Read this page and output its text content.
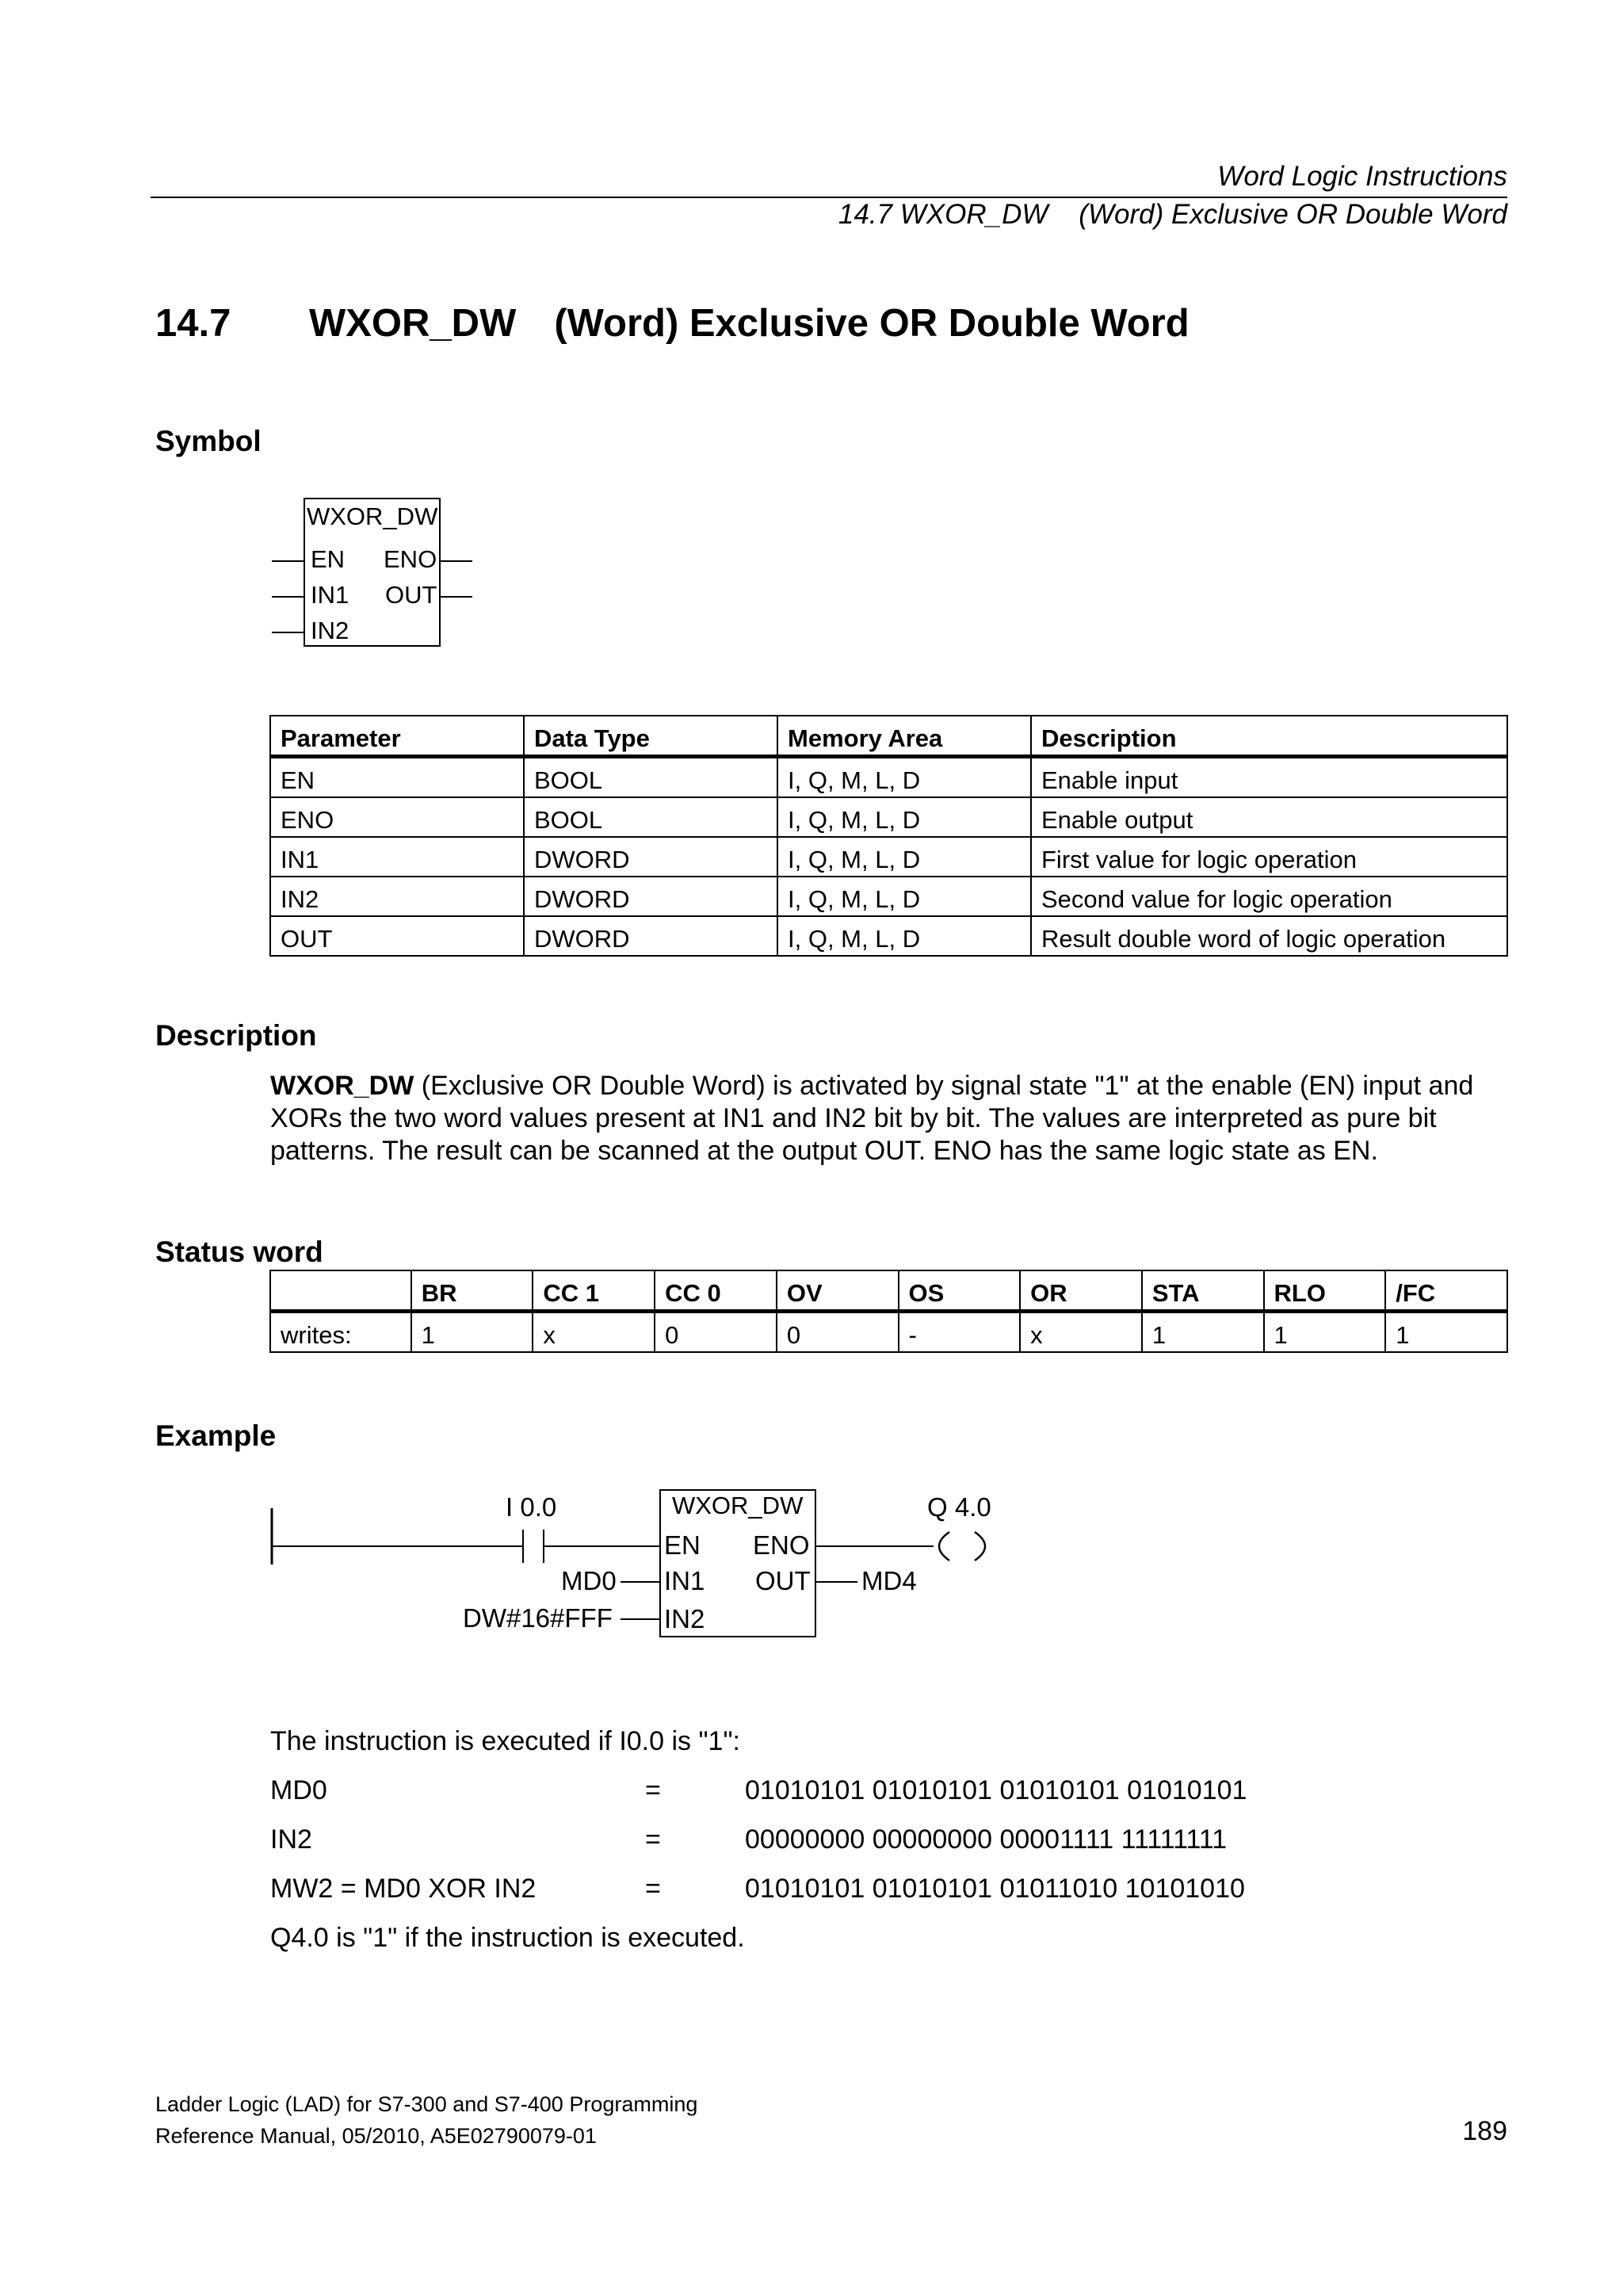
Word Logic Instructions
14.7 WXOR_DW    (Word) Exclusive OR Double Word
14.7 WXOR_DW (Word) Exclusive OR Double Word
Symbol
WXOR_DW
EN ENO
IN1 OUT
IN2
Parameter	Data Type	Memory Area	Description
EN	BOOL	I, Q, M, L, D	Enable input
ENO	BOOL	I, Q, M, L, D	Enable output
IN1	DWORD	I, Q, M, L, D	First value for logic operation
IN2	DWORD	I, Q, M, L, D	Second value for logic operation
OUT	DWORD	I, Q, M, L, D	Result double word of logic operation
Description
WXOR_DW (Exclusive OR Double Word) is activated by signal state "1" at the enable (EN) input and XORs the two word values present at IN1 and IN2 bit by bit. The values are interpreted as pure bit patterns. The result can be scanned at the output OUT. ENO has the same logic state as EN.
Status word
	BR	CC 1	CC 0	OV	OS	OR	STA	RLO	/FC
writes:	1	x	0	0	-	x	1	1	1
Example
I 0.0	WXOR_DW
EN ENO
IN1 OUT
IN2
MD0
DW#16#FFF
MD4
Q 4.0
The instruction is executed if I0.0 is "1":
MD0	=	01010101 01010101 01010101 01010101
IN2	=	00000000 00000000 00001111 11111111
MW2 = MD0 XOR IN2	=	01010101 01010101 01011010 10101010
Q4.0 is "1" if the instruction is executed.
Ladder Logic (LAD) for S7-300 and S7-400 Programming
Reference Manual, 05/2010, A5E02790079-01	189
